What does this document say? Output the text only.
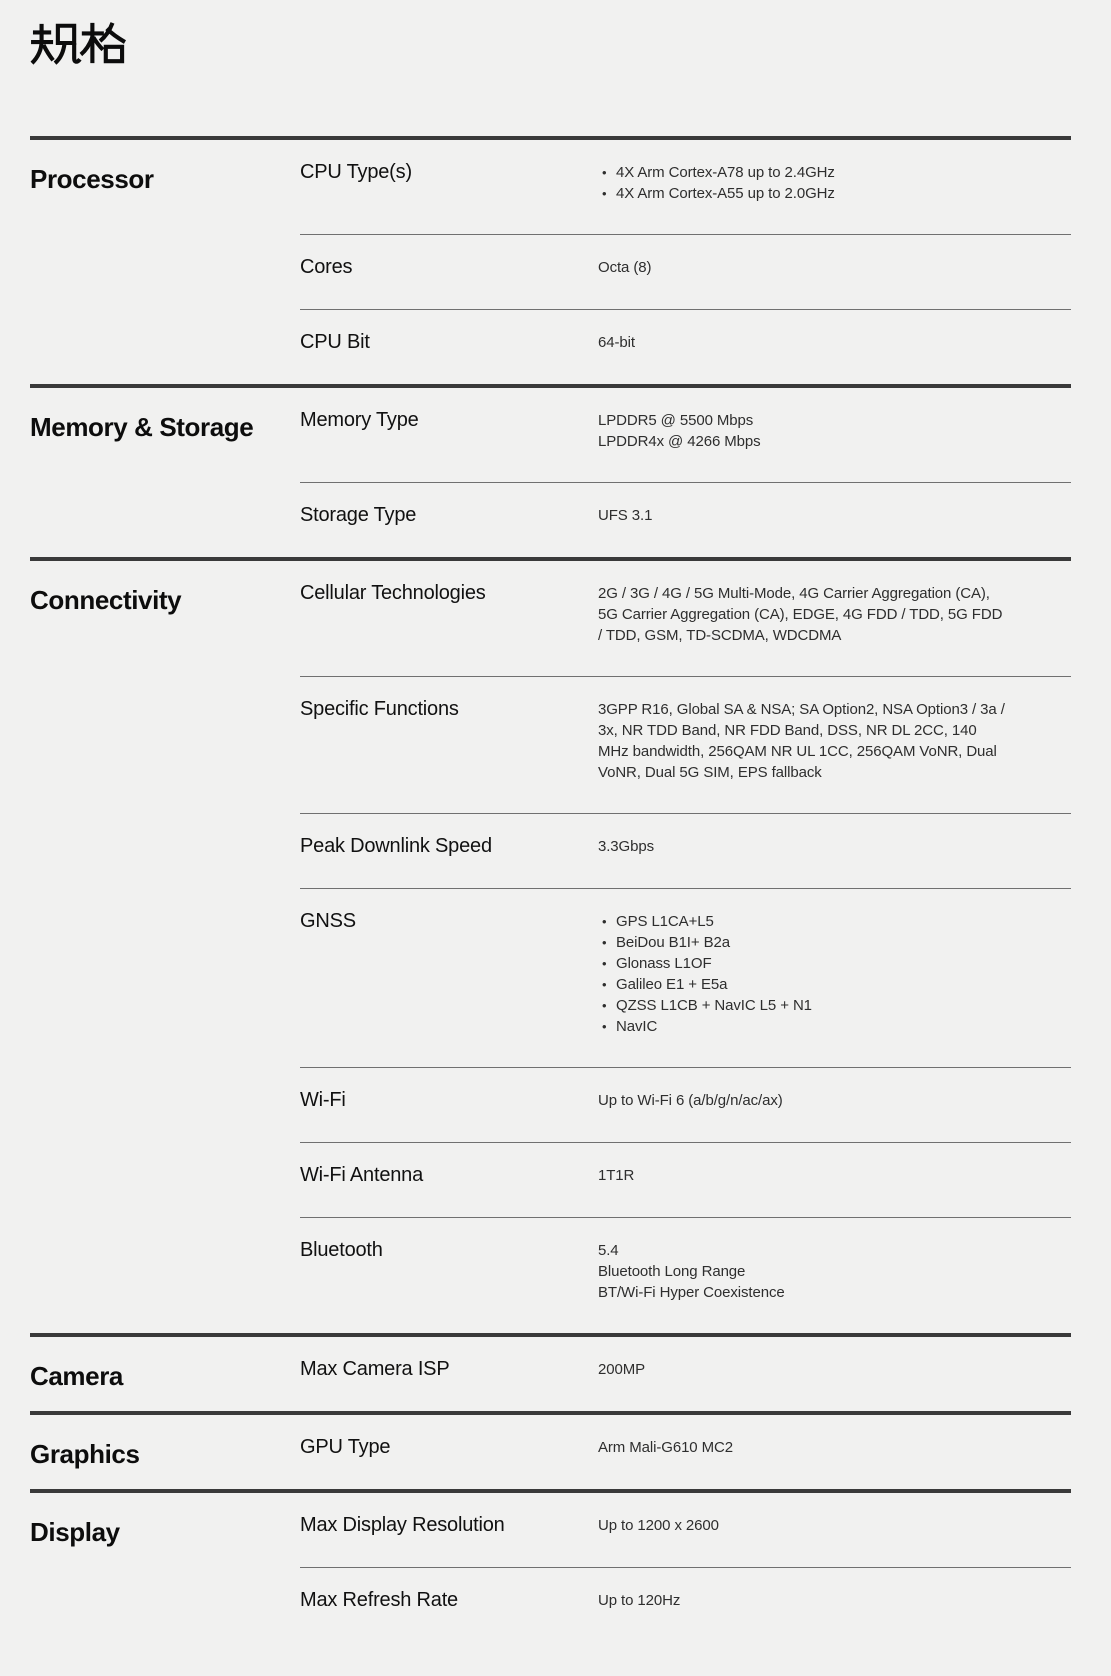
Processor	CPU Type(s)	• 4X Arm Cortex-A78 up to 2.4GHz
• 4X Arm Cortex-A55 up to 2.0GHz
Cores	Octa (8)
CPU Bit	64-bit
Memory & Storage	Memory Type	LPDDR5 @ 5500 Mbps
LPDDR4x @ 4266 Mbps
Storage Type	UFS 3.1
Connectivity	Cellular Technologies	2G / 3G / 4G / 5G Multi-Mode, 4G Carrier Aggregation (CA), 5G Carrier Aggregation (CA), EDGE, 4G FDD / TDD, 5G FDD / TDD, GSM, TD-SCDMA, WDCDMA
Specific Functions	3GPP R16, Global SA & NSA; SA Option2, NSA Option3 / 3a / 3x, NR TDD Band, NR FDD Band, DSS, NR DL 2CC, 140 MHz bandwidth, 256QAM NR UL 1CC, 256QAM VoNR, Dual VoNR, Dual 5G SIM, EPS fallback
Peak Downlink Speed	3.3Gbps
GNSS	• GPS L1CA+L5
• BeiDou B1I+ B2a
• Glonass L1OF
• Galileo E1 + E5a
• QZSS L1CB + NavIC L5 + N1
• NavIC
Wi-Fi	Up to Wi-Fi 6 (a/b/g/n/ac/ax)
Wi-Fi Antenna	1T1R
Bluetooth	5.4
Bluetooth Long Range
BT/Wi-Fi Hyper Coexistence
Camera	Max Camera ISP	200MP
Graphics	GPU Type	Arm Mali-G610 MC2
Display	Max Display Resolution	Up to 1200 x 2600
Max Refresh Rate	Up to 120Hz
